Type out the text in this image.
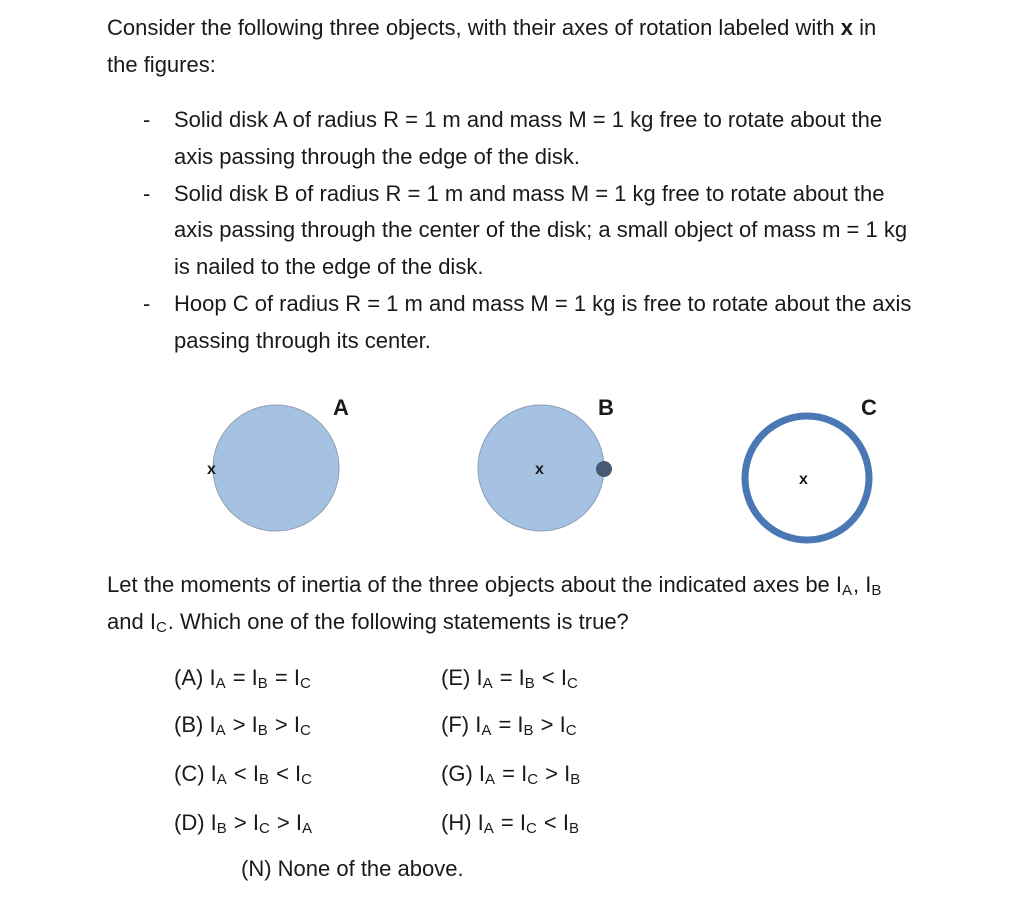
Consider the following three objects, with their axes of rotation labeled with x in
the figures:
- Solid disk A of radius R = 1 m and mass M = 1 kg free to rotate about the
axis passing through the edge of the disk.
- Solid disk B of radius R = 1 m and mass M = 1 kg free to rotate about the
axis passing through the center of the disk; a small object of mass m = 1 kg
is nailed to the edge of the disk.
- Hoop C of radius R = 1 m and mass M = 1 kg is free to rotate about the axis
passing through its center.
A	B	C
x	x
x
Let the moments of inertia of the three objects about the indicated axes be IA, IB
and IC. Which one of the following statements is true?
(A) IA = IB = IC
(B) IA > IB > IC
(C) IA < IB < IC
(D) IB > IC > IA
(E) IA = IB < IC
(F) IA = IB > IC
(G) IA = IC > IB
(H) IA = IC < IB
(N) None of the above.
